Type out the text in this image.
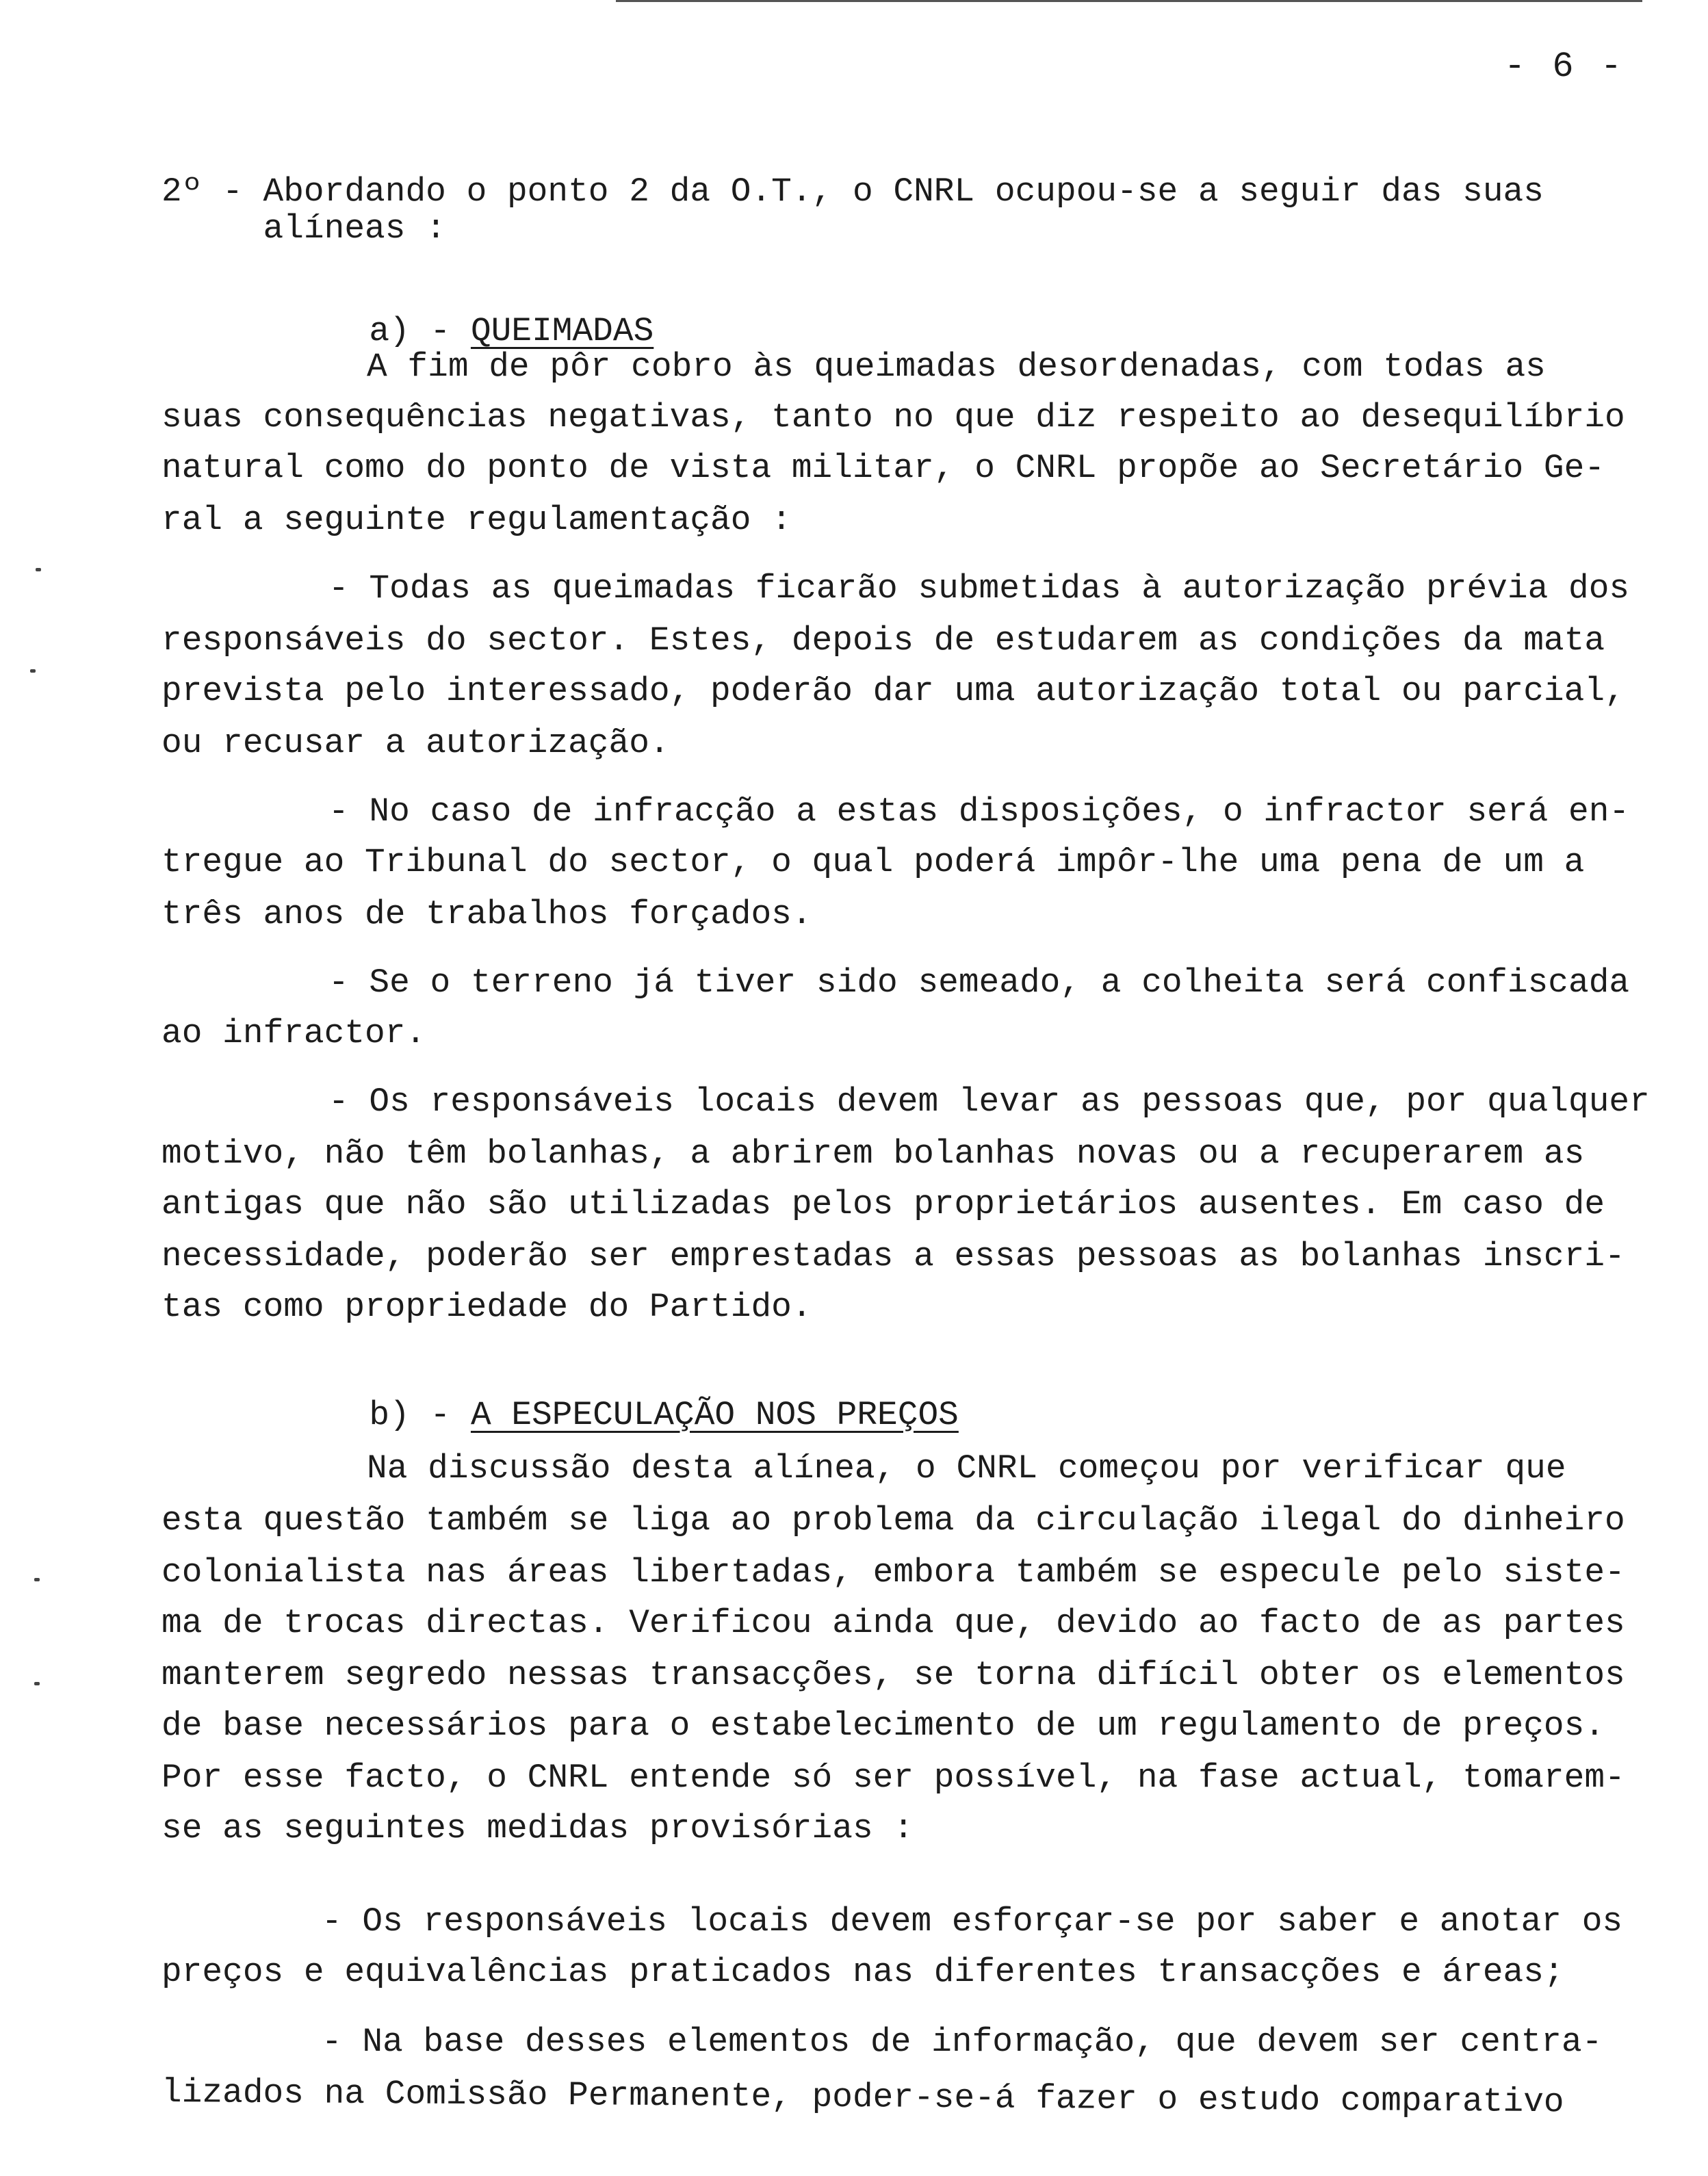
- 6 -
2º - Abordando o ponto 2 da O.T., o CNRL ocupou-se a seguir das suas
alíneas :

a) - QUEIMADAS

A fim de pôr cobro às queimadas desordenadas, com todas as
suas consequências negativas, tanto no que diz respeito ao desequilíbrio
natural como do ponto de vista militar, o CNRL propõe ao Secretário Ge-
ral a seguinte regulamentação :
- Todas as queimadas ficarão submetidas à autorização prévia dos
responsáveis do sector. Estes, depois de estudarem as condições da mata
prevista pelo interessado, poderão dar uma autorização total ou parcial,
ou recusar a autorização.
- No caso de infracção a estas disposições, o infractor será en-
tregue ao Tribunal do sector, o qual poderá impôr-lhe uma pena de um a
três anos de trabalhos forçados.
- Se o terreno já tiver sido semeado, a colheita será confiscada
ao infractor.
- Os responsáveis locais devem levar as pessoas que, por qualquer
motivo, não têm bolanhas, a abrirem bolanhas novas ou a recuperarem as
antigas que não são utilizadas pelos proprietários ausentes. Em caso de
necessidade, poderão ser emprestadas a essas pessoas as bolanhas inscri-
tas como propriedade do Partido.

b) - A ESPECULAÇÃO NOS PREÇOS

Na discussão desta alínea, o CNRL começou por verificar que
esta questão também se liga ao problema da circulação ilegal do dinheiro
colonialista nas áreas libertadas, embora também se especule pelo siste-
ma de trocas directas. Verificou ainda que, devido ao facto de as partes
manterem segredo nessas transacções, se torna difícil obter os elementos
de base necessários para o estabelecimento de um regulamento de preços.
Por esse facto, o CNRL entende só ser possível, na fase actual, tomarem-
se as seguintes medidas provisórias :
- Os responsáveis locais devem esforçar-se por saber e anotar os
preços e equivalências praticados nas diferentes transacções e áreas;
- Na base desses elementos de informação, que devem ser centra-
lizados na Comissão Permanente, poder-se-á fazer o estudo comparativo
